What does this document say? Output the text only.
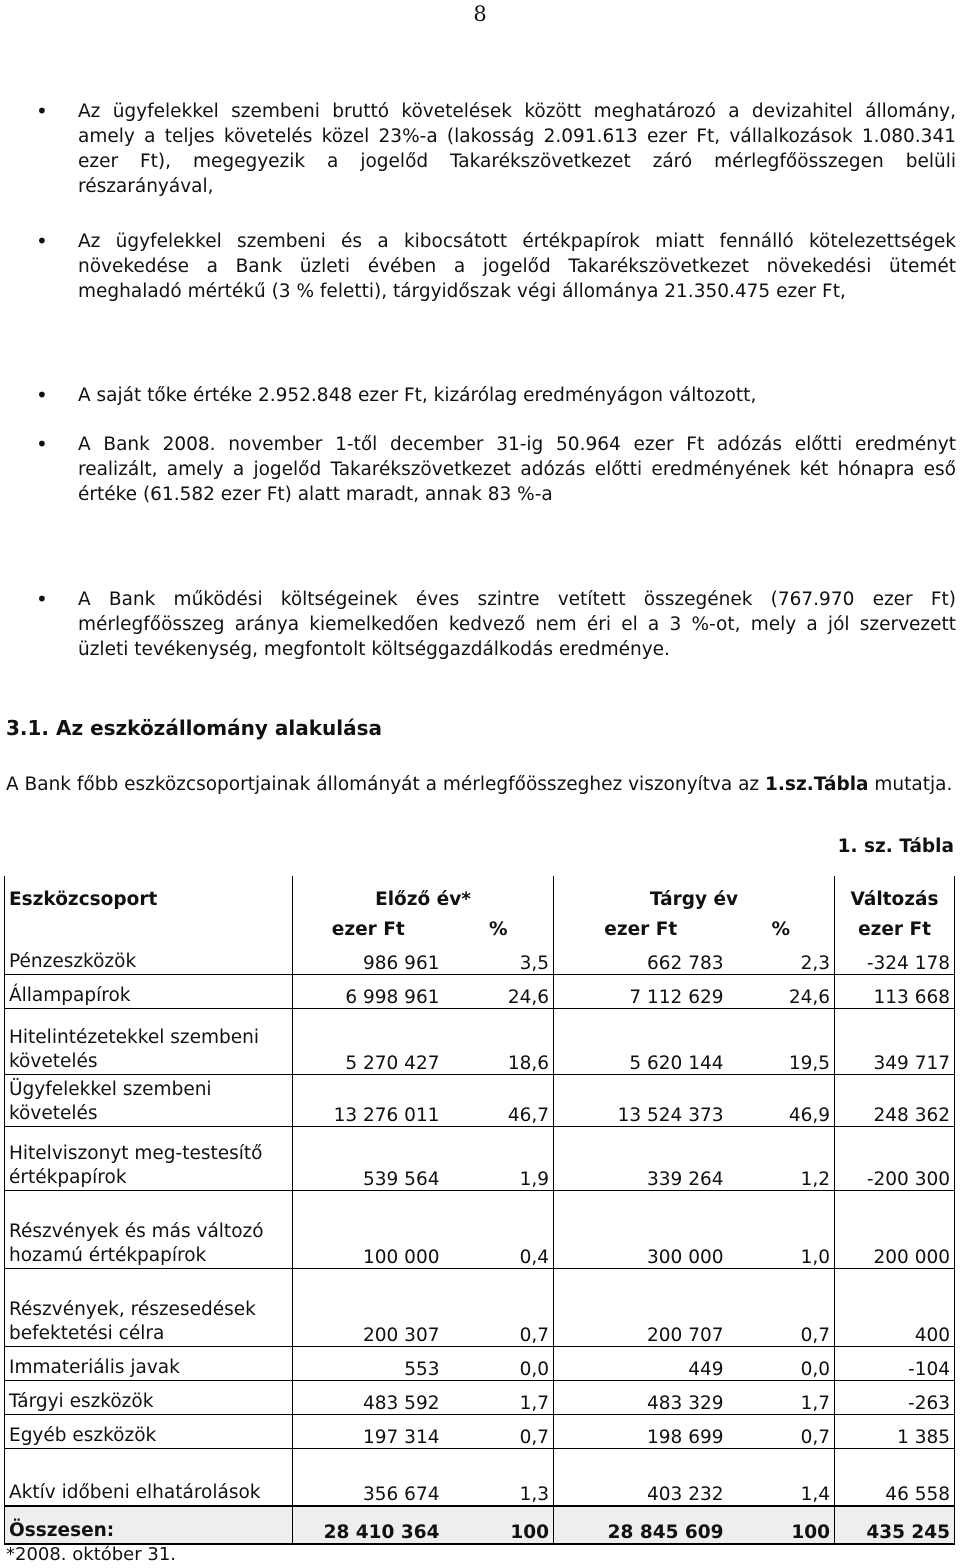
8
• Az ügyfelekkel szembeni bruttó követelések között meghatározó a devizahitel állomány, amely a teljes követelés közel 23%-a (lakosság 2.091.613 ezer Ft, vállalkozások 1.080.341 ezer Ft), megegyezik a jogelőd Takarékszövetkezet záró mérlegfőösszegen belüli részarányával,
• Az ügyfelekkel szembeni és a kibocsátott értékpapírok miatt fennálló kötelezettségek növekedése a Bank üzleti évében a jogelőd Takarékszövetkezet növekedési ütemét meghaladó mértékű (3 % feletti), tárgyidőszak végi állománya 21.350.475 ezer Ft,
• A saját tőke értéke 2.952.848 ezer Ft, kizárólag eredményágon változott,
• A Bank 2008. november 1-től december 31-ig 50.964 ezer Ft adózás előtti eredményt realizált, amely a jogelőd Takarékszövetkezet adózás előtti eredményének két hónapra eső értéke (61.582 ezer Ft) alatt maradt, annak 83 %-a
• A Bank működési költségeinek éves szintre vetített összegének (767.970 ezer Ft) mérlegfőösszeg aránya kiemelkedően kedvező nem éri el a 3 %-ot, mely a jól szervezett üzleti tevékenység, megfontolt költséggazdálkodás eredménye.
3.1. Az eszközállomány alakulása
A Bank főbb eszközcsoportjainak állományát a mérlegfőösszeghez viszonyítva az 1.sz.Tábla mutatja.
1. sz. Tábla
Eszközcsoport	Előző év*		Tárgy év		Változás
	ezer Ft	%	ezer Ft	%	ezer Ft
Pénzeszközök	986 961	3,5	662 783	2,3	-324 178
Állampapírok	6 998 961	24,6	7 112 629	24,6	113 668
Hitelintézetekkel szembeni követelés	5 270 427	18,6	5 620 144	19,5	349 717
Ügyfelekkel szembeni követelés	13 276 011	46,7	13 524 373	46,9	248 362
Hitelviszonyt meg-testesítő értékpapírok	539 564	1,9	339 264	1,2	-200 300
Részvények és más változó hozamú értékpapírok	100 000	0,4	300 000	1,0	200 000
Részvények, részesedések befektetési célra	200 307	0,7	200 707	0,7	400
Immateriális javak	553	0,0	449	0,0	-104
Tárgyi eszközök	483 592	1,7	483 329	1,7	-263
Egyéb eszközök	197 314	0,7	198 699	0,7	1 385
Aktív időbeni elhatárolások	356 674	1,3	403 232	1,4	46 558
Összesen:	28 410 364	100	28 845 609	100	435 245
*2008. október 31.
